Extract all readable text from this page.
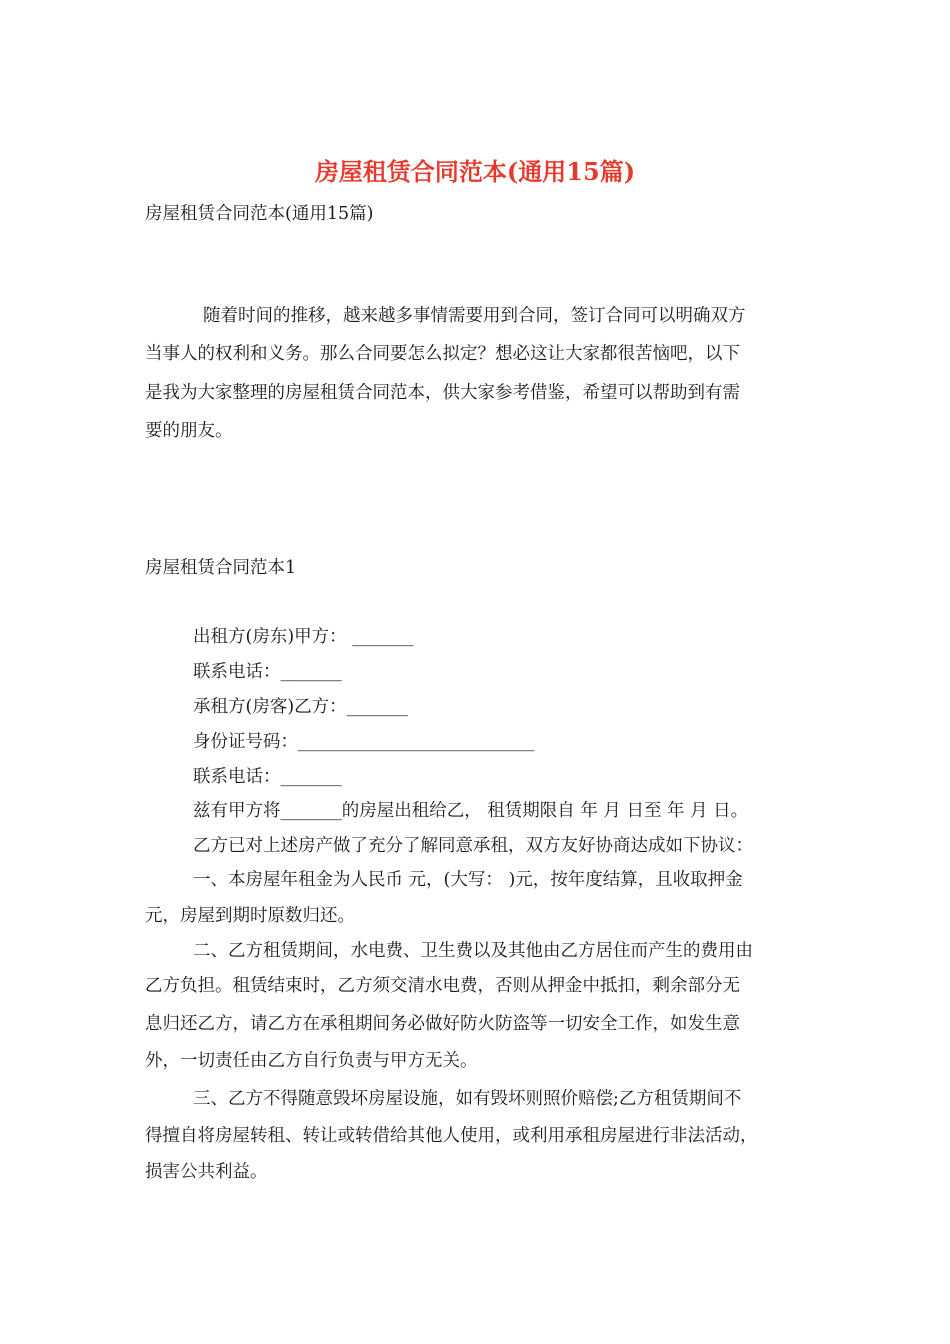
房屋租赁合同范本(通用15篇)
房屋租赁合同范本(通用15篇)
随着时间的推移，越来越多事情需要用到合同，签订合同可以明确双方
当事人的权利和义务。那么合同要怎么拟定？想必这让大家都很苦恼吧，以下
是我为大家整理的房屋租赁合同范本，供大家参考借鉴，希望可以帮助到有需
要的朋友。
房屋租赁合同范本1
出租方(房东)甲方： _______
联系电话：_______
承租方(房客)乙方：_______
身份证号码：___________________________
联系电话：_______
兹有甲方将_______的房屋出租给乙， 租赁期限自 年 月 日至 年 月 日。
乙方已对上述房产做了充分了解同意承租，双方友好协商达成如下协议：
一、本房屋年租金为人民币 元，(大写： )元，按年度结算，且收取押金
元，房屋到期时原数归还。
二、乙方租赁期间，水电费、卫生费以及其他由乙方居住而产生的费用由
乙方负担。租赁结束时，乙方须交清水电费，否则从押金中抵扣，剩余部分无
息归还乙方，请乙方在承租期间务必做好防火防盗等一切安全工作，如发生意
外，一切责任由乙方自行负责与甲方无关。
三、乙方不得随意毁坏房屋设施，如有毁坏则照价赔偿;乙方租赁期间不
得擅自将房屋转租、转让或转借给其他人使用，或利用承租房屋进行非法活动，
损害公共利益。
